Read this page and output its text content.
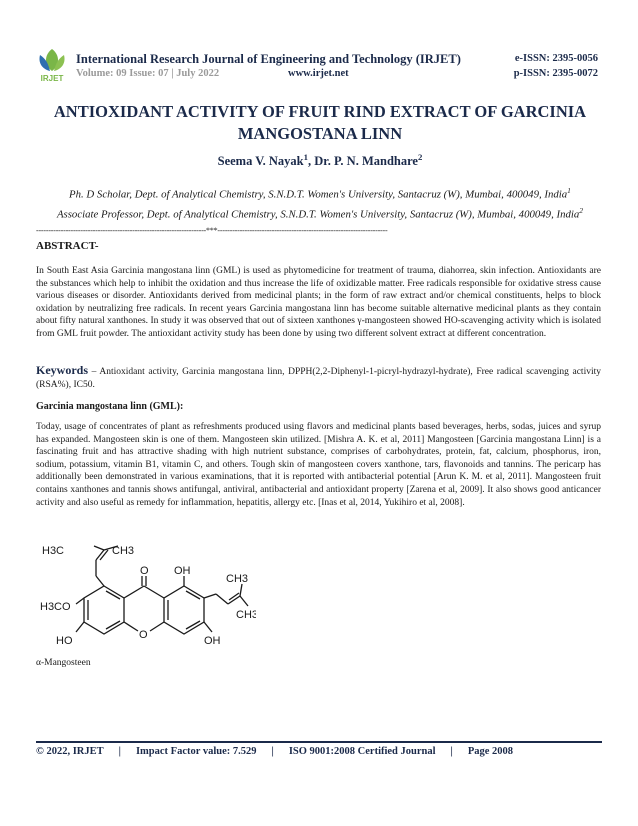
IRJET
International Research Journal of Engineering and Technology (IRJET)
Volume: 09 Issue: 07 | July 2022	www.irjet.net
e-ISSN: 2395-0056
p-ISSN: 2395-0072
ANTIOXIDANT ACTIVITY OF FRUIT RIND EXTRACT OF GARCINIA
MANGOSTANA LINN
Seema V. Nayak$^1$, Dr. P. N. Mandhare$^2$
Ph. D Scholar, Dept. of Analytical Chemistry, S.N.D.T. Women's University, Santacruz (W), Mumbai, 400049, India$^1$
Associate Professor, Dept. of Analytical Chemistry, S.N.D.T. Women's University, Santacruz (W), Mumbai, 400049, India$^2$
---------------------------------------------------------------------***---------------------------------------------------------------------
ABSTRACT-
In South East Asia Garcinia mangostana linn (GML) is used as phytomedicine for treatment of trauma, diahorrea, skin infection. Antioxidants are the substances which help to inhibit the oxidation and thus increase the life of oxidizable matter. Free radicals responsible for oxidative stress cause various diseases or disorder. Antioxidants derived from medicinal plants; in the form of raw extract and/or chemical constituents, helps to block oxidation by neutralizing free radicals. In recent years Garcinia mangostana linn has become suitable alternative medicinal plants as they contain about fifty natural xanthones. In study it was observed that out of sixteen xanthones γ-mangosteen showed HO-scavenging activity which is isolated from GML fruit powder. The antioxidant activity study has been done by using two different solvent extract at different concentration.
Keywords – Antioxidant activity, Garcinia mangostana linn, DPPH(2,2-Diphenyl-1-picryl-hydrazyl-hydrate), Free radical scavenging activity (RSA%), IC50.
Garcinia mangostana linn (GML):
Today, usage of concentrates of plant as refreshments produced using flavors and medicinal plants based beverages, herbs, sodas, juices and syrup has expanded. Mangosteen skin is one of them. Mangosteen skin utilized. [Mishra A. K. et al, 2011] Mangosteen [Garcinia mangostana Linn] is a fascinating fruit and has attractive shading with high nutrient substance, comprises of carbohydrates, protein, fat, calcium, phosphorus, iron, sodium, potassium, vitamin B1, vitamin C, and others. Tough skin of mangosteen covers xanthone, tars, flavonoids and tannins. The pericarp has additionally been demonstrated in various examinations, that it is reported with antibacterial potential [Arun K. M. et al, 2011]. Mangosteen fruit contains xanthones and tannis shows antifungal, antiviral, antibacterial and antioxidant property [Zarena et al, 2009]. It also shows good anticancer activity and also useful as remedy for inflammation, hepatitis, allergy etc. [Inas et al, 2014, Yukihiro et al, 2008].
H3C	CH3
O OH
CH3
H3CO
CH3
HO	O	OH
α-Mangosteen
© 2022, IRJET | Impact Factor value: 7.529 | ISO 9001:2008 Certified Journal | Page 2008
